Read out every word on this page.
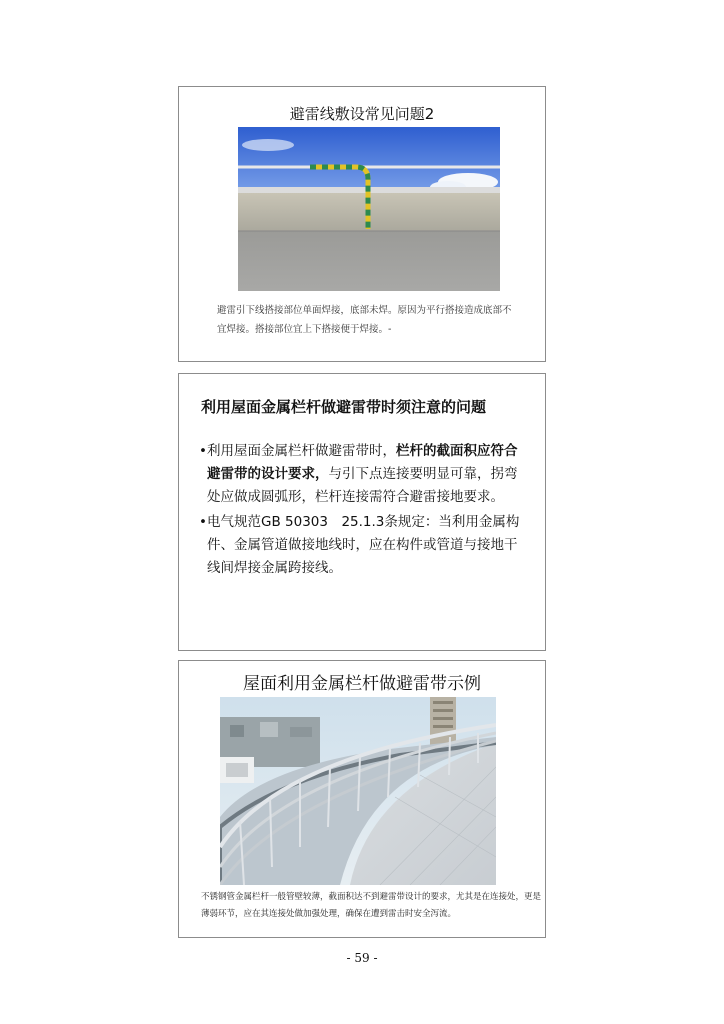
避雷线敷设常见问题2
避雷引下线搭接部位单面焊接，底部未焊。原因为平行搭接造成底部不宜焊接。搭接部位宜上下搭接便于焊接。-
利用屋面金属栏杆做避雷带时须注意的问题
• 利用屋面金属栏杆做避雷带时，栏杆的截面积应符合避雷带的设计要求，与引下点连接要明显可靠，拐弯处应做成圆弧形，栏杆连接需符合避雷接地要求。
• 电气规范GB 50303　25.1.3条规定：当利用金属构件、金属管道做接地线时，应在构件或管道与接地干线间焊接金属跨接线。
屋面利用金属栏杆做避雷带示例
不锈钢管金属栏杆一般管壁较薄，截面积达不到避雷带设计的要求，尤其是在连接处，更是薄弱环节，应在其连接处做加强处理，确保在遭到雷击时安全泻流。
- 59 -
